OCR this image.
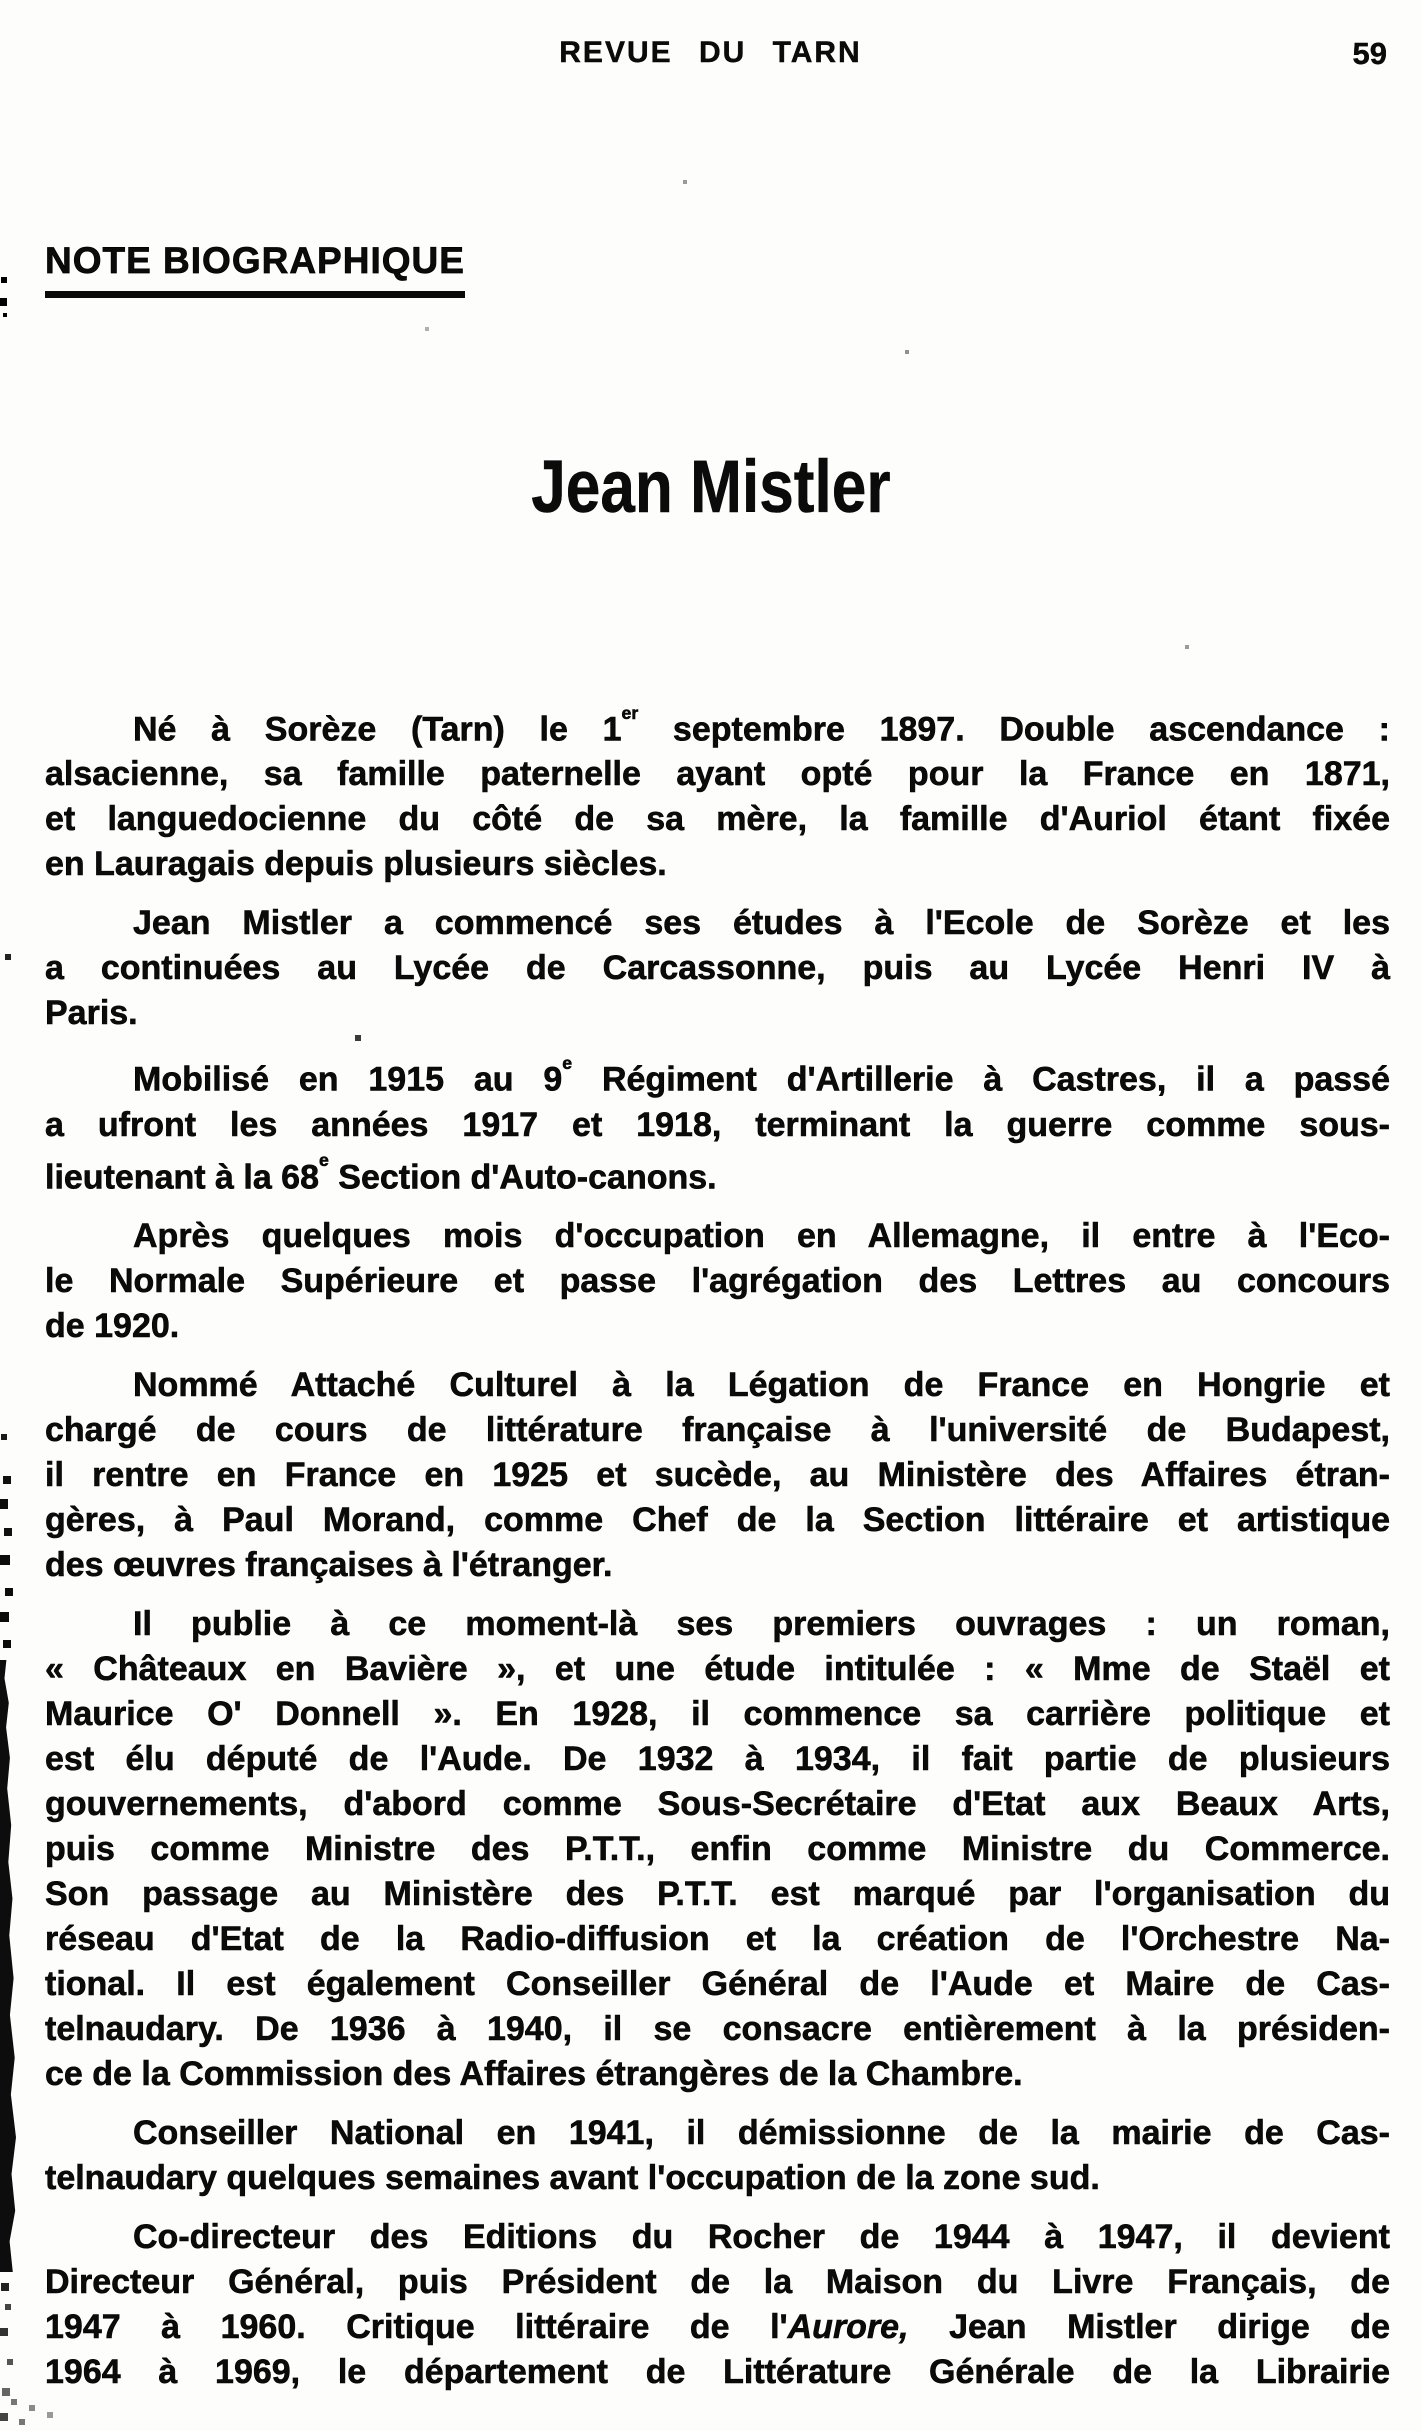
REVUE DU TARN	59
NOTE BIOGRAPHIQUE
Jean Mistler
Né à Sorèze (Tarn) le 1er septembre 1897. Double ascendance :
alsacienne, sa famille paternelle ayant opté pour la France en 1871,
et languedocienne du côté de sa mère, la famille d'Auriol étant fixée
en Lauragais depuis plusieurs siècles.
Jean Mistler a commencé ses études à l'Ecole de Sorèze et les
a continuées au Lycée de Carcassonne, puis au Lycée Henri IV à
Paris.
Mobilisé en 1915 au 9e Régiment d'Artillerie à Castres, il a passé
a ufront les années 1917 et 1918, terminant la guerre comme sous-
lieutenant à la 68e Section d'Auto-canons.
Après quelques mois d'occupation en Allemagne, il entre à l'Eco-
le Normale Supérieure et passe l'agrégation des Lettres au concours
de 1920.
Nommé Attaché Culturel à la Légation de France en Hongrie et
chargé de cours de littérature française à l'université de Budapest,
il rentre en France en 1925 et sucède, au Ministère des Affaires étran-
gères, à Paul Morand, comme Chef de la Section littéraire et artistique
des œuvres françaises à l'étranger.
Il publie à ce moment-là ses premiers ouvrages : un roman,
« Châteaux en Bavière », et une étude intitulée : « Mme de Staël et
Maurice O' Donnell ». En 1928, il commence sa carrière politique et
est élu député de l'Aude. De 1932 à 1934, il fait partie de plusieurs
gouvernements, d'abord comme Sous-Secrétaire d'Etat aux Beaux Arts,
puis comme Ministre des P.T.T., enfin comme Ministre du Commerce.
Son passage au Ministère des P.T.T. est marqué par l'organisation du
réseau d'Etat de la Radio-diffusion et la création de l'Orchestre Na-
tional. Il est également Conseiller Général de l'Aude et Maire de Cas-
telnaudary. De 1936 à 1940, il se consacre entièrement à la présiden-
ce de la Commission des Affaires étrangères de la Chambre.
Conseiller National en 1941, il démissionne de la mairie de Cas-
telnaudary quelques semaines avant l'occupation de la zone sud.
Co-directeur des Editions du Rocher de 1944 à 1947, il devient
Directeur Général, puis Président de la Maison du Livre Français, de
1947 à 1960. Critique littéraire de l'Aurore, Jean Mistler dirige de
1964 à 1969, le département de Littérature Générale de la Librairie
